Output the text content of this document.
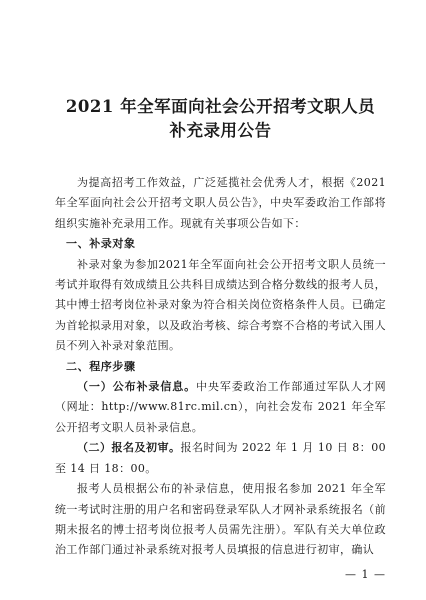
2021 年全军面向社会公开招考文职人员
补充录用公告

为提高招考工作效益，广泛延揽社会优秀人才，根据《2021年全军面向社会公开招考文职人员公告》，中央军委政治工作部将组织实施补充录用工作。现就有关事项公告如下：

一、补录对象

补录对象为参加2021年全军面向社会公开招考文职人员统一考试并取得有效成绩且公共科目成绩达到合格分数线的报考人员，其中博士招考岗位补录对象为符合相关岗位资格条件人员。已确定为首轮拟录用对象，以及政治考核、综合考察不合格的考试入围人员不列入补录对象范围。

二、程序步骤

（一）公布补录信息。中央军委政治工作部通过军队人才网（网址：http://www.81rc.mil.cn），向社会发布 2021 年全军公开招考文职人员补录信息。

（二）报名及初审。报名时间为 2022 年 1 月 10 日 8：00 至 14 日 18：00。

报考人员根据公布的补录信息，使用报名参加 2021 年全军统一考试时注册的用户名和密码登录军队人才网补录系统报名（前期未报名的博士招考岗位报考人员需先注册）。军队有关大单位政治工作部门通过补录系统对报考人员填报的信息进行初审，确认

— 1 —
